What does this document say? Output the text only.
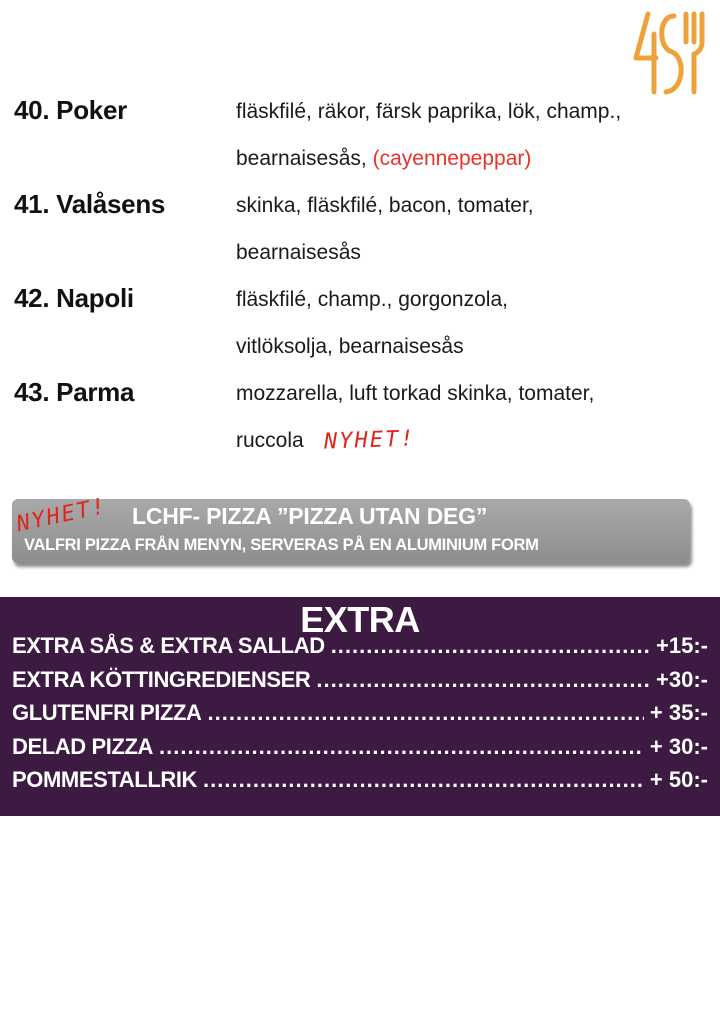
40. Poker	fläskfilé, räkor, färsk paprika, lök, champ.,
bearnaisesås, (cayennepeppar)
41. Valåsens	skinka, fläskfilé, bacon, tomater,
bearnaisesås
42. Napoli	fläskfilé, champ., gorgonzola,
vitlöksolja, bearnaisesås
43. Parma	mozzarella, luft torkad skinka, tomater,
ruccola NYHET!
NYHET! LCHF- PIZZA ”PIZZA UTAN DEG”
VALFRI PIZZA FRÅN MENYN, SERVERAS PÅ EN ALUMINIUM FORM
EXTRA
EXTRA SÅS & EXTRA SALLAD .....	+15:-
EXTRA KÖTTINGREDIENSER .....	+30:-
GLUTENFRI PIZZA .....	+ 35:-
DELAD PIZZA .....	+ 30:-
POMMESTALLRIK .....	+ 50:-
